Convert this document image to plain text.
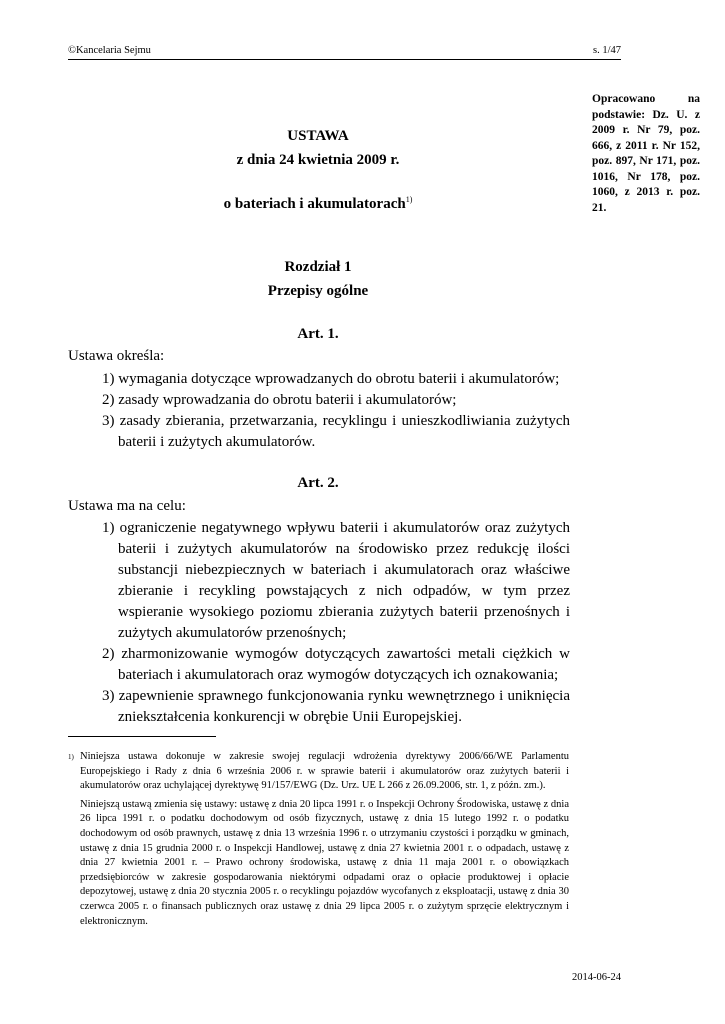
©Kancelaria Sejmu	s. 1/47
Opracowano na podstawie: Dz. U. z 2009 r. Nr 79, poz. 666, z 2011 r. Nr 152, poz. 897, Nr 171, poz. 1016, Nr 178, poz. 1060, z 2013 r. poz. 21.
USTAWA
z dnia 24 kwietnia 2009 r.
o bateriach i akumulatorach$^{1)}$
Rozdział 1
Przepisy ogólne
Art. 1.
Ustawa określa:
1) wymagania dotyczące wprowadzanych do obrotu baterii i akumulatorów;
2) zasady wprowadzania do obrotu baterii i akumulatorów;
3) zasady zbierania, przetwarzania, recyklingu i unieszkodliwiania zużytych baterii i zużytych akumulatorów.
Art. 2.
Ustawa ma na celu:
1) ograniczenie negatywnego wpływu baterii i akumulatorów oraz zużytych baterii i zużytych akumulatorów na środowisko przez redukcję ilości substancji niebezpiecznych w bateriach i akumulatorach oraz właściwe zbieranie i recykling powstających z nich odpadów, w tym przez wspieranie wysokiego poziomu zbierania zużytych baterii przenośnych i zużytych akumulatorów przenośnych;
2) zharmonizowanie wymogów dotyczących zawartości metali ciężkich w bateriach i akumulatorach oraz wymogów dotyczących ich oznakowania;
3) zapewnienie sprawnego funkcjonowania rynku wewnętrznego i uniknięcia zniekształcenia konkurencji w obrębie Unii Europejskiej.
1) Niniejsza ustawa dokonuje w zakresie swojej regulacji wdrożenia dyrektywy 2006/66/WE Parlamentu Europejskiego i Rady z dnia 6 września 2006 r. w sprawie baterii i akumulatorów oraz zużytych baterii i akumulatorów oraz uchylającej dyrektywę 91/157/EWG (Dz. Urz. UE L 266 z 26.09.2006, str. 1, z późn. zm.).
Niniejszą ustawą zmienia się ustawy: ustawę z dnia 20 lipca 1991 r. o Inspekcji Ochrony Środowiska, ustawę z dnia 26 lipca 1991 r. o podatku dochodowym od osób fizycznych, ustawę z dnia 15 lutego 1992 r. o podatku dochodowym od osób prawnych, ustawę z dnia 13 września 1996 r. o utrzymaniu czystości i porządku w gminach, ustawę z dnia 15 grudnia 2000 r. o Inspekcji Handlowej, ustawę z dnia 27 kwietnia 2001 r. o odpadach, ustawę z dnia 27 kwietnia 2001 r. – Prawo ochrony środowiska, ustawę z dnia 11 maja 2001 r. o obowiązkach przedsiębiorców w zakresie gospodarowania niektórymi odpadami oraz o opłacie produktowej i opłacie depozytowej, ustawę z dnia 20 stycznia 2005 r. o recyklingu pojazdów wycofanych z eksploatacji, ustawę z dnia 30 czerwca 2005 r. o finansach publicznych oraz ustawę z dnia 29 lipca 2005 r. o zużytym sprzęcie elektrycznym i elektronicznym.
2014-06-24
